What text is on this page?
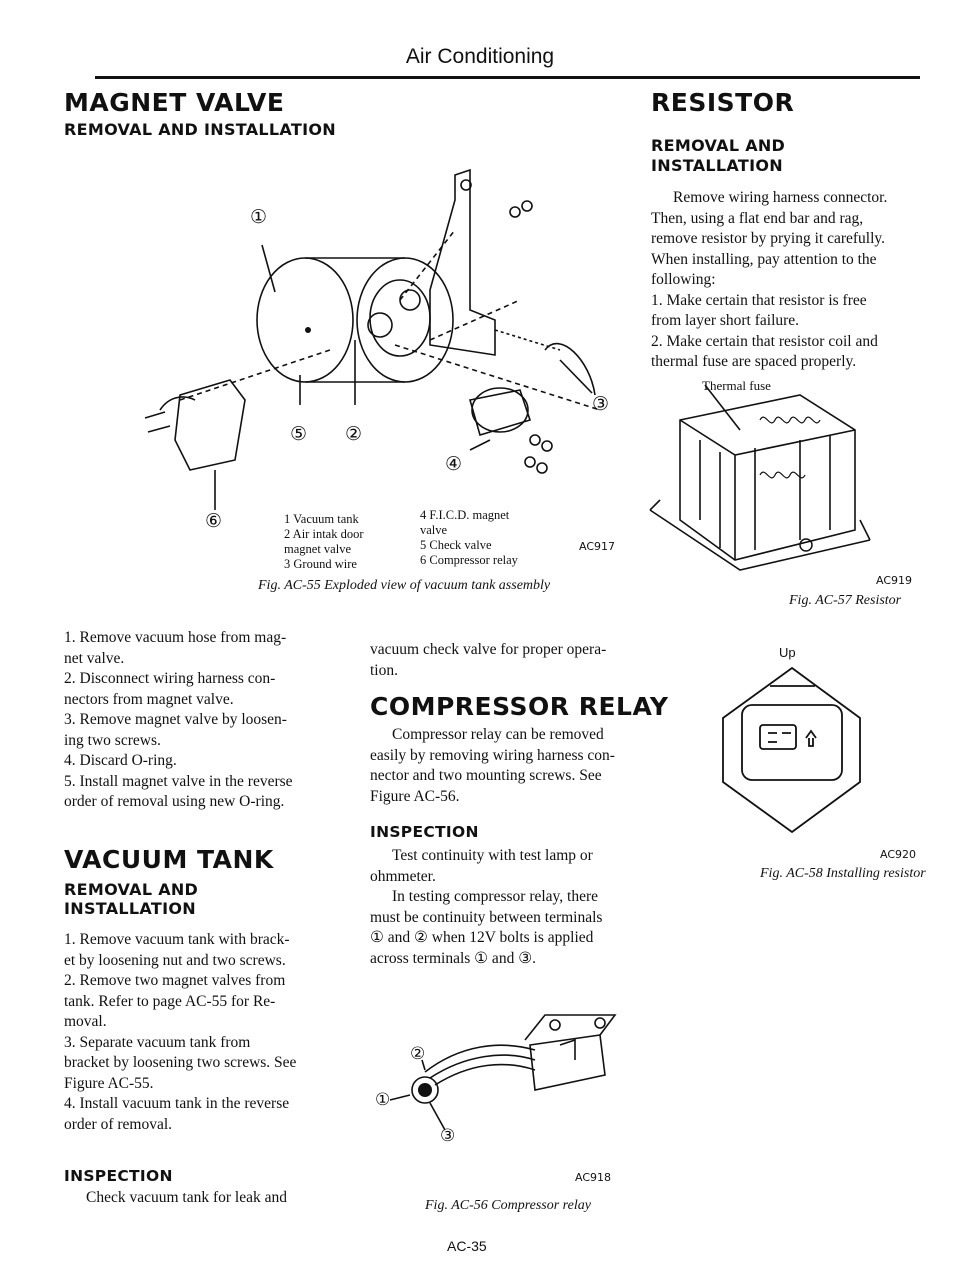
Air Conditioning
MAGNET VALVE
REMOVAL AND INSTALLATION
①
⑤ ②
⑥
④
③
1 Vacuum tank
2 Air intak door
magnet valve
3 Ground wire
4 F.I.C.D. magnet
valve
5 Check valve
6 Compressor relay
AC917
Fig. AC-55 Exploded view of vacuum tank assembly

1. Remove vacuum hose from mag-

net valve.

2. Disconnect wiring harness con-

nectors from magnet valve.

3. Remove magnet valve by loosen-

ing two screws.

4. Discard O-ring.

5. Install magnet valve in the reverse

order of removal using new O-ring.

VACUUM TANK
REMOVAL AND
INSTALLATION

1. Remove vacuum tank with brack-

et by loosening nut and two screws.

2. Remove two magnet valves from

tank. Refer to page AC-55 for Re-

moval.

3. Separate vacuum tank from

bracket by loosening two screws. See

Figure AC-55.

4. Install vacuum tank in the reverse

order of removal.

INSPECTION
Check vacuum tank for leak and

vacuum check valve for proper opera-

tion.

COMPRESSOR RELAY

Compressor relay can be removed

easily by removing wiring harness con-

nector and two mounting screws. See

Figure AC-56.

INSPECTION

Test continuity with test lamp or

ohmmeter.

In testing compressor relay, there

must be continuity between terminals

① and ② when 12V bolts is applied

across terminals ① and ③.

②
①
③
AC918
Fig. AC-56 Compressor relay
RESISTOR
REMOVAL AND
INSTALLATION

Remove wiring harness connector.

Then, using a flat end bar and rag,

remove resistor by prying it carefully.

When installing, pay attention to the

following:

1. Make certain that resistor is free

from layer short failure.

2. Make certain that resistor coil and

thermal fuse are spaced properly.

Thermal fuse
AC919
Fig. AC-57 Resistor
Up
AC920
Fig. AC-58 Installing resistor
AC-35
